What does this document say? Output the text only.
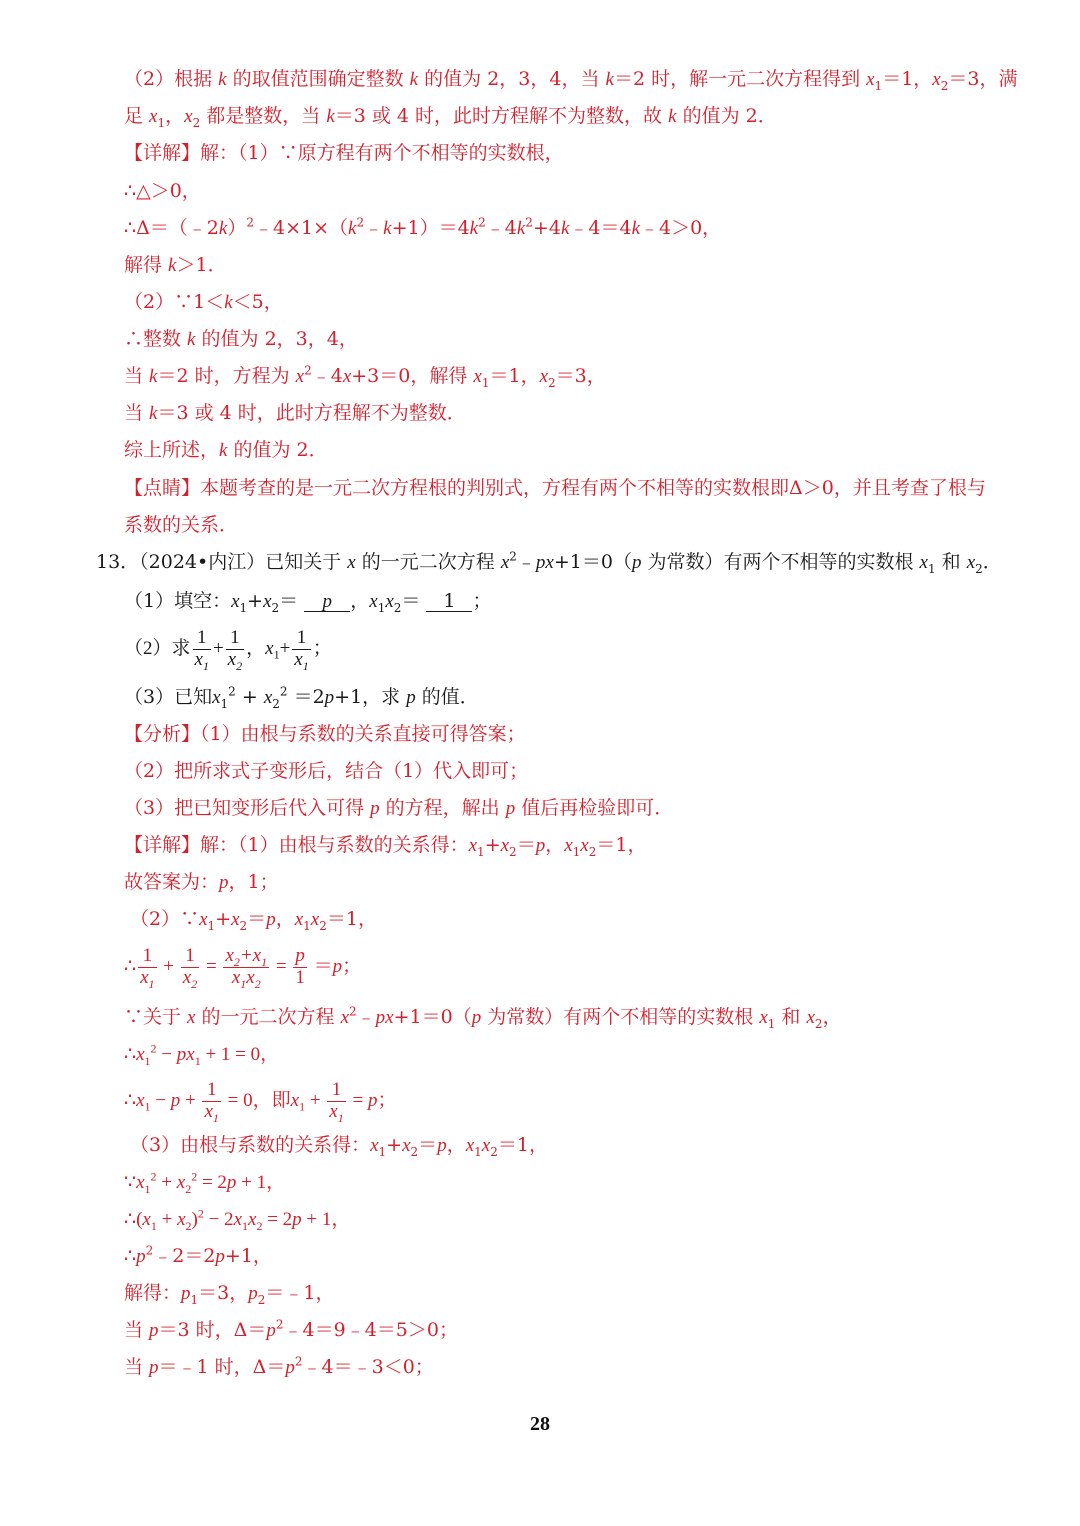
（2）根据 k 的取值范围确定整数 k 的值为 2，3，4，当 k＝2 时，解一元二次方程得到 $x_1=1$，$x_2=3$，满
足 $x_1$，$x_2$ 都是整数，当 k＝3 或 4 时，此时方程解不为整数，故 k 的值为 2．
【详解】解：（1）∵原方程有两个不相等的实数根，
∴△＞0，
$\therefore\Delta=(﹣2k)^2﹣4\times 1\times(k^2﹣k+1)=4k^2﹣4k^2+4k﹣4=4k﹣4>0$，
解得 k＞1．
（2）∵1＜k＜5，
∴整数 k 的值为 2，3，4，
当 k＝2 时，方程为 $x^2﹣4x+3=0$，解得 $x_1=1$，$x_2=3$，
当 k＝3 或 4 时，此时方程解不为整数．
综上所述，k 的值为 2．
【点睛】本题考查的是一元二次方程根的判别式，方程有两个不相等的实数根即Δ＞0，并且考查了根与
系数的关系．
13．（2024•内江）已知关于 x 的一元二次方程 $x^2﹣px+1=0(p$ 为常数）有两个不相等的实数根 $x_1$ 和 $x_2$．
（1）填空：$x_1+x_2= p$ ，$x_1x_2= 1$ ；
（2）求 $\frac{1}{x_1} + \frac{1}{x_2}$ ，$x_1+ \frac{1}{x_1}$ ；
（3）已知$x_1^2 + x_2^2 =2p+1$，求 p 的值．
【分析】（1）由根与系数的关系直接可得答案；
（2）把所求式子变形后，结合（1）代入即可；
（3）把已知变形后代入可得 p 的方程，解出 p 值后再检验即可．
【详解】解：（1）由根与系数的关系得：$x_1+x_2=p$，$x_1x_2=1$，
故答案为：p，1；
$(2)\because x_1+x_2=p$，$x_1x_2=1$，
∴ $\frac{1}{x_1} + \frac{1}{x_2} = \frac{x_2+x_1}{x_1x_2} = \frac{p}{1} =p$；
∵关于 x 的一元二次方程 $x^2﹣px+1=0(p$ 为常数）有两个不相等的实数根 $x_1$ 和 $x_2$，
$\therefore x_1^2 - px_1 + 1 = 0$，
$\therefore x_1 - p + \frac{1}{x_1} = 0$，即$x_1 + \frac{1}{x_1} = p$；
（3）由根与系数的关系得：$x_1+x_2=p$，$x_1x_2=1$，
$\because x_1^2 + x_2^2 = 2p + 1$，
$\therefore(x_1 + x_2)^2 - 2x_1x_2 = 2p + 1$，
$\therefore p^2﹣2=2p+1$，
解得：$p_1=3$，$p_2=﹣1$，
当 p＝3 时，$\Delta=p^2﹣4=9﹣4=5>0$；
当 p＝﹣1 时，$\Delta=p^2﹣4=﹣3<0$；
28
